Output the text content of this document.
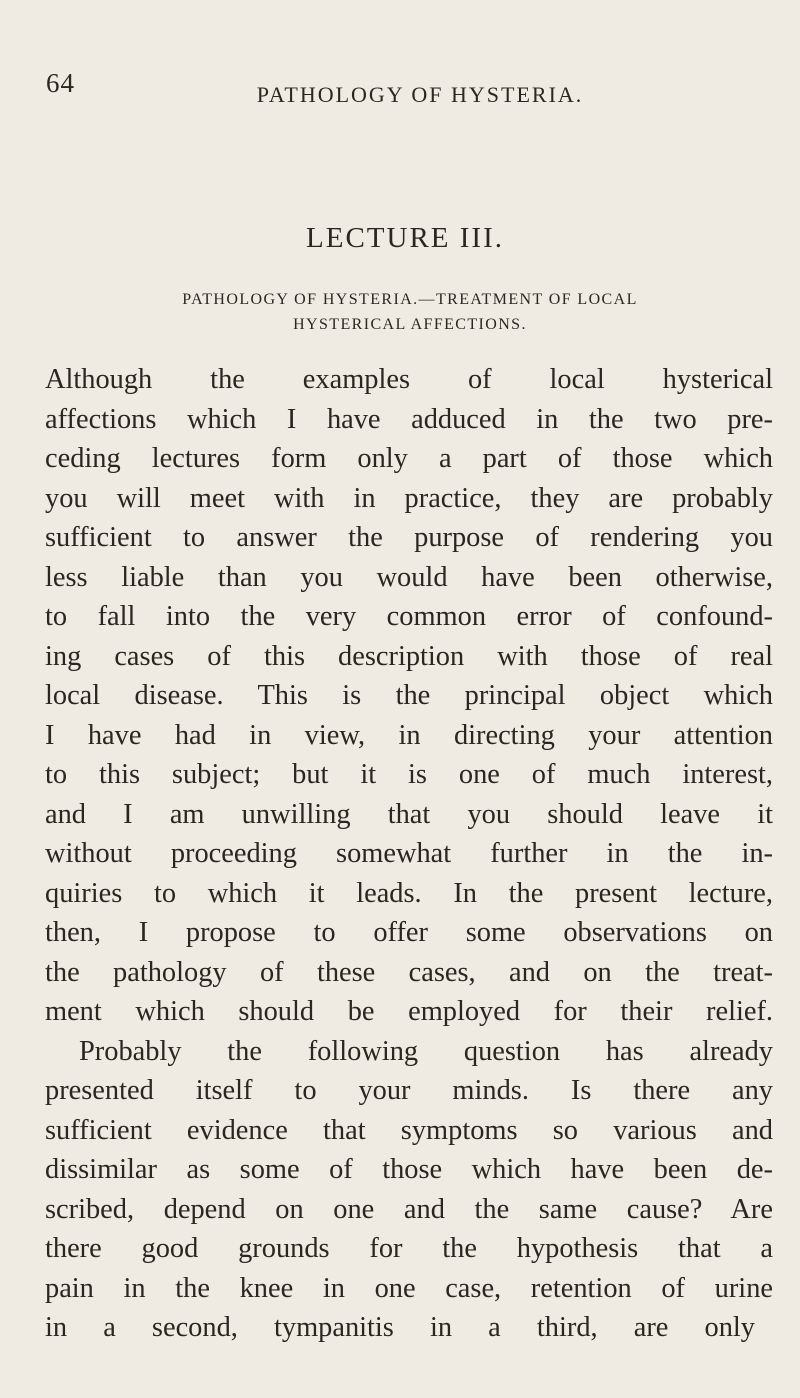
64	PATHOLOGY OF HYSTERIA.
LECTURE III.
PATHOLOGY OF HYSTERIA.—TREATMENT OF LOCAL
HYSTERICAL AFFECTIONS.
Although the examples of local hysterical
affections which I have adduced in the two pre-
ceding lectures form only a part of those which
you will meet with in practice, they are probably
sufficient to answer the purpose of rendering you
less liable than you would have been otherwise,
to fall into the very common error of confound-
ing cases of this description with those of real
local disease. This is the principal object which
I have had in view, in directing your attention
to this subject; but it is one of much interest,
and I am unwilling that you should leave it
without proceeding somewhat further in the in-
quiries to which it leads. In the present lecture,
then, I propose to offer some observations on
the pathology of these cases, and on the treat-
ment which should be employed for their relief.
Probably the following question has already
presented itself to your minds. Is there any
sufficient evidence that symptoms so various and
dissimilar as some of those which have been de-
scribed, depend on one and the same cause? Are
there good grounds for the hypothesis that a
pain in the knee in one case, retention of urine
in a second, tympanitis in a third, are only
